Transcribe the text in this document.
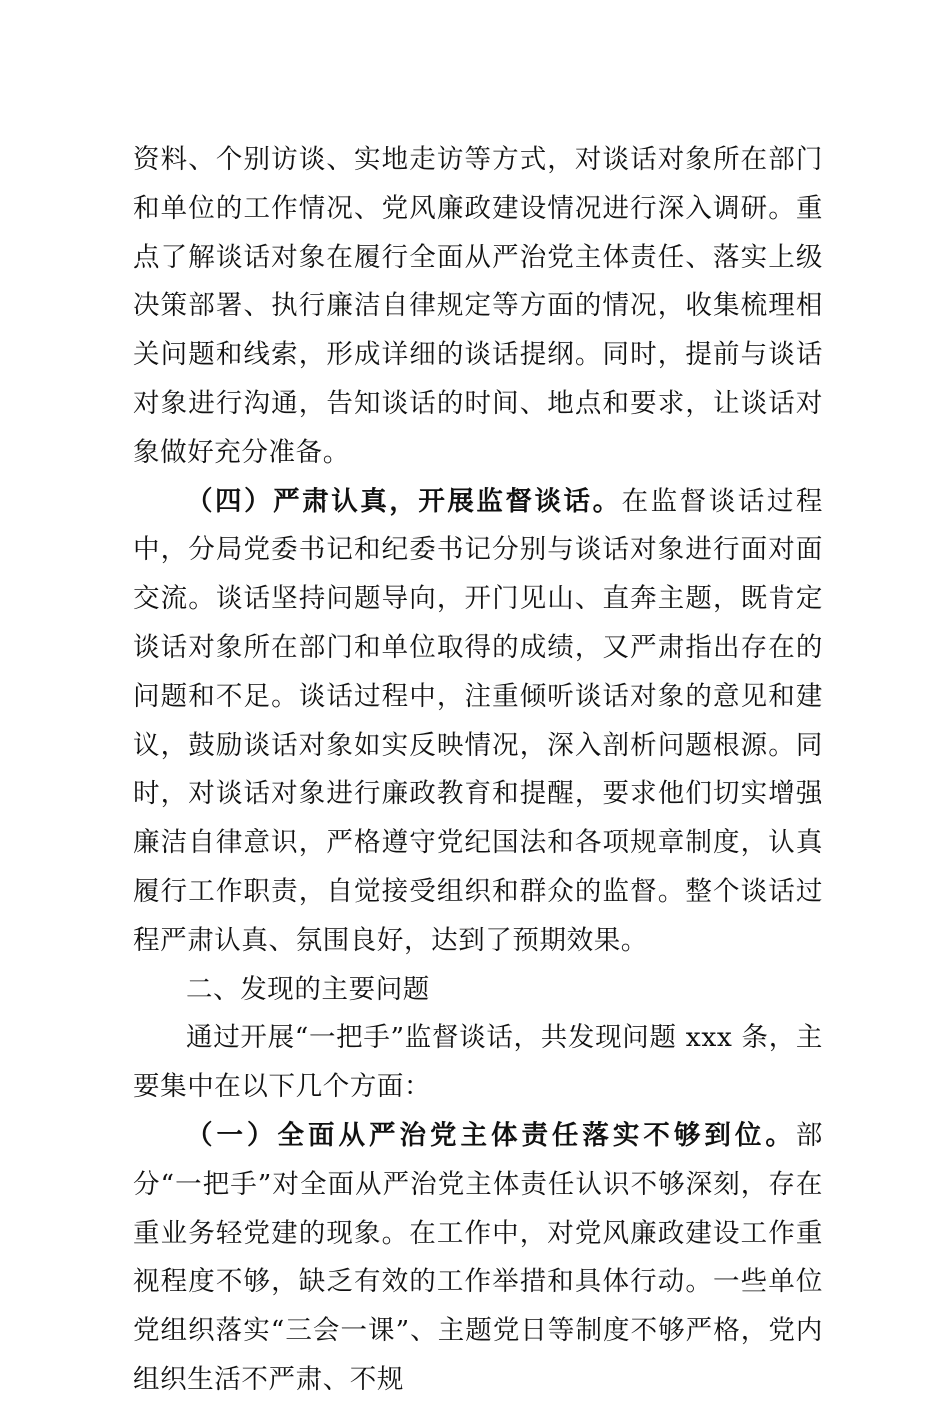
资料、个别访谈、实地走访等方式，对谈话对象所在部门和单位的工作情况、党风廉政建设情况进行深入调研。重点了解谈话对象在履行全面从严治党主体责任、落实上级决策部署、执行廉洁自律规定等方面的情况，收集梳理相关问题和线索，形成详细的谈话提纲。同时，提前与谈话对象进行沟通，告知谈话的时间、地点和要求，让谈话对象做好充分准备。

（四）严肃认真，开展监督谈话。在监督谈话过程中，分局党委书记和纪委书记分别与谈话对象进行面对面交流。谈话坚持问题导向，开门见山、直奔主题，既肯定谈话对象所在部门和单位取得的成绩，又严肃指出存在的问题和不足。谈话过程中，注重倾听谈话对象的意见和建议，鼓励谈话对象如实反映情况，深入剖析问题根源。同时，对谈话对象进行廉政教育和提醒，要求他们切实增强廉洁自律意识，严格遵守党纪国法和各项规章制度，认真履行工作职责，自觉接受组织和群众的监督。整个谈话过程严肃认真、氛围良好，达到了预期效果。

二、发现的主要问题

通过开展“一把手”监督谈话，共发现问题 xxx 条，主要集中在以下几个方面：

（一）全面从严治党主体责任落实不够到位。部分“一把手”对全面从严治党主体责任认识不够深刻，存在重业务轻党建的现象。在工作中，对党风廉政建设工作重视程度不够，缺乏有效的工作举措和具体行动。一些单位党组织落实“三会一课”、主题党日等制度不够严格，党内组织生活不严肃、不规
